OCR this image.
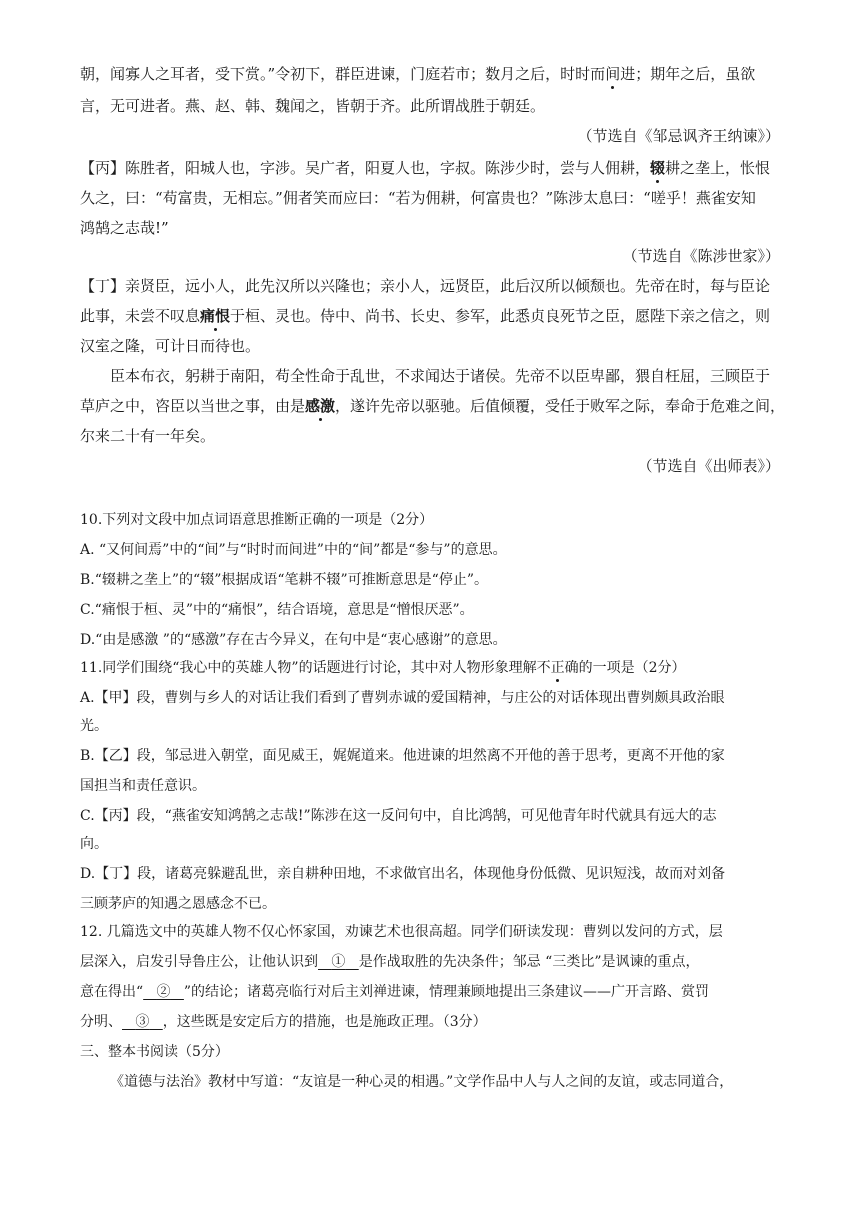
朝，闻寡人之耳者，受下赏。”令初下，群臣进谏，门庭若市；数月之后，时时而间进；期年之后，虽欲
言，无可进者。燕、赵、韩、魏闻之，皆朝于齐。此所谓战胜于朝廷。
（节选自《邹忌讽齐王纳谏》）
【丙】陈胜者，阳城人也，字涉。吴广者，阳夏人也，字叔。陈涉少时，尝与人佣耕，辍耕之垄上，怅恨
久之，曰：“苟富贵，无相忘。”佣者笑而应曰：“若为佣耕，何富贵也？”陈涉太息曰：“嗟乎！燕雀安知
鸿鹄之志哉!”
（节选自《陈涉世家》）
【丁】亲贤臣，远小人，此先汉所以兴隆也；亲小人，远贤臣，此后汉所以倾颓也。先帝在时，每与臣论
此事，未尝不叹息痛恨于桓、灵也。侍中、尚书、长史、参军，此悉贞良死节之臣，愿陛下亲之信之，则
汉室之隆，可计日而待也。
臣本布衣，躬耕于南阳，苟全性命于乱世，不求闻达于诸侯。先帝不以臣卑鄙，猥自枉屈，三顾臣于
草庐之中，咨臣以当世之事，由是感激，遂许先帝以驱驰。后值倾覆，受任于败军之际，奉命于危难之间，
尔来二十有一年矣。
（节选自《出师表》）
10.下列对文段中加点词语意思推断正确的一项是（2分）
A. “又何间焉”中的“间”与“时时而间进”中的“间”都是“参与”的意思。
B.“辍耕之垄上”的“辍”根据成语“笔耕不辍”可推断意思是“停止”。
C.“痛恨于桓、灵”中的“痛恨”，结合语境，意思是“憎恨厌恶”。
D.“由是感激 ”的“感激”存在古今异义，在句中是“衷心感谢”的意思。
11.同学们围绕“我心中的英雄人物”的话题进行讨论，其中对人物形象理解不正确的一项是（2分）
A.【甲】段，曹刿与乡人的对话让我们看到了曹刿赤诚的爱国精神，与庄公的对话体现出曹刿颇具政治眼
光。
B.【乙】段，邹忌进入朝堂，面见威王，娓娓道来。他进谏的坦然离不开他的善于思考，更离不开他的家
国担当和责任意识。
C.【丙】段，“燕雀安知鸿鹄之志哉!”陈涉在这一反问句中，自比鸿鹄，可见他青年时代就具有远大的志
向。
D.【丁】段，诸葛亮躲避乱世，亲自耕种田地，不求做官出名，体现他身份低微、见识短浅，故而对刘备
三顾茅庐的知遇之恩感念不已。
12. 几篇选文中的英雄人物不仅心怀家国，劝谏艺术也很高超。同学们研读发现：曹刿以发问的方式，层
层深入，启发引导鲁庄公，让他认识到 ① 是作战取胜的先决条件；邹忌 “三类比”是讽谏的重点，
意在得出“ ② ”的结论；诸葛亮临行对后主刘禅进谏，情理兼顾地提出三条建议——广开言路、赏罚
分明、 ③ ，这些既是安定后方的措施，也是施政正理。（3分）
三、整本书阅读（5分）
《道德与法治》教材中写道：“友谊是一种心灵的相遇。”文学作品中人与人之间的友谊，或志同道合，
